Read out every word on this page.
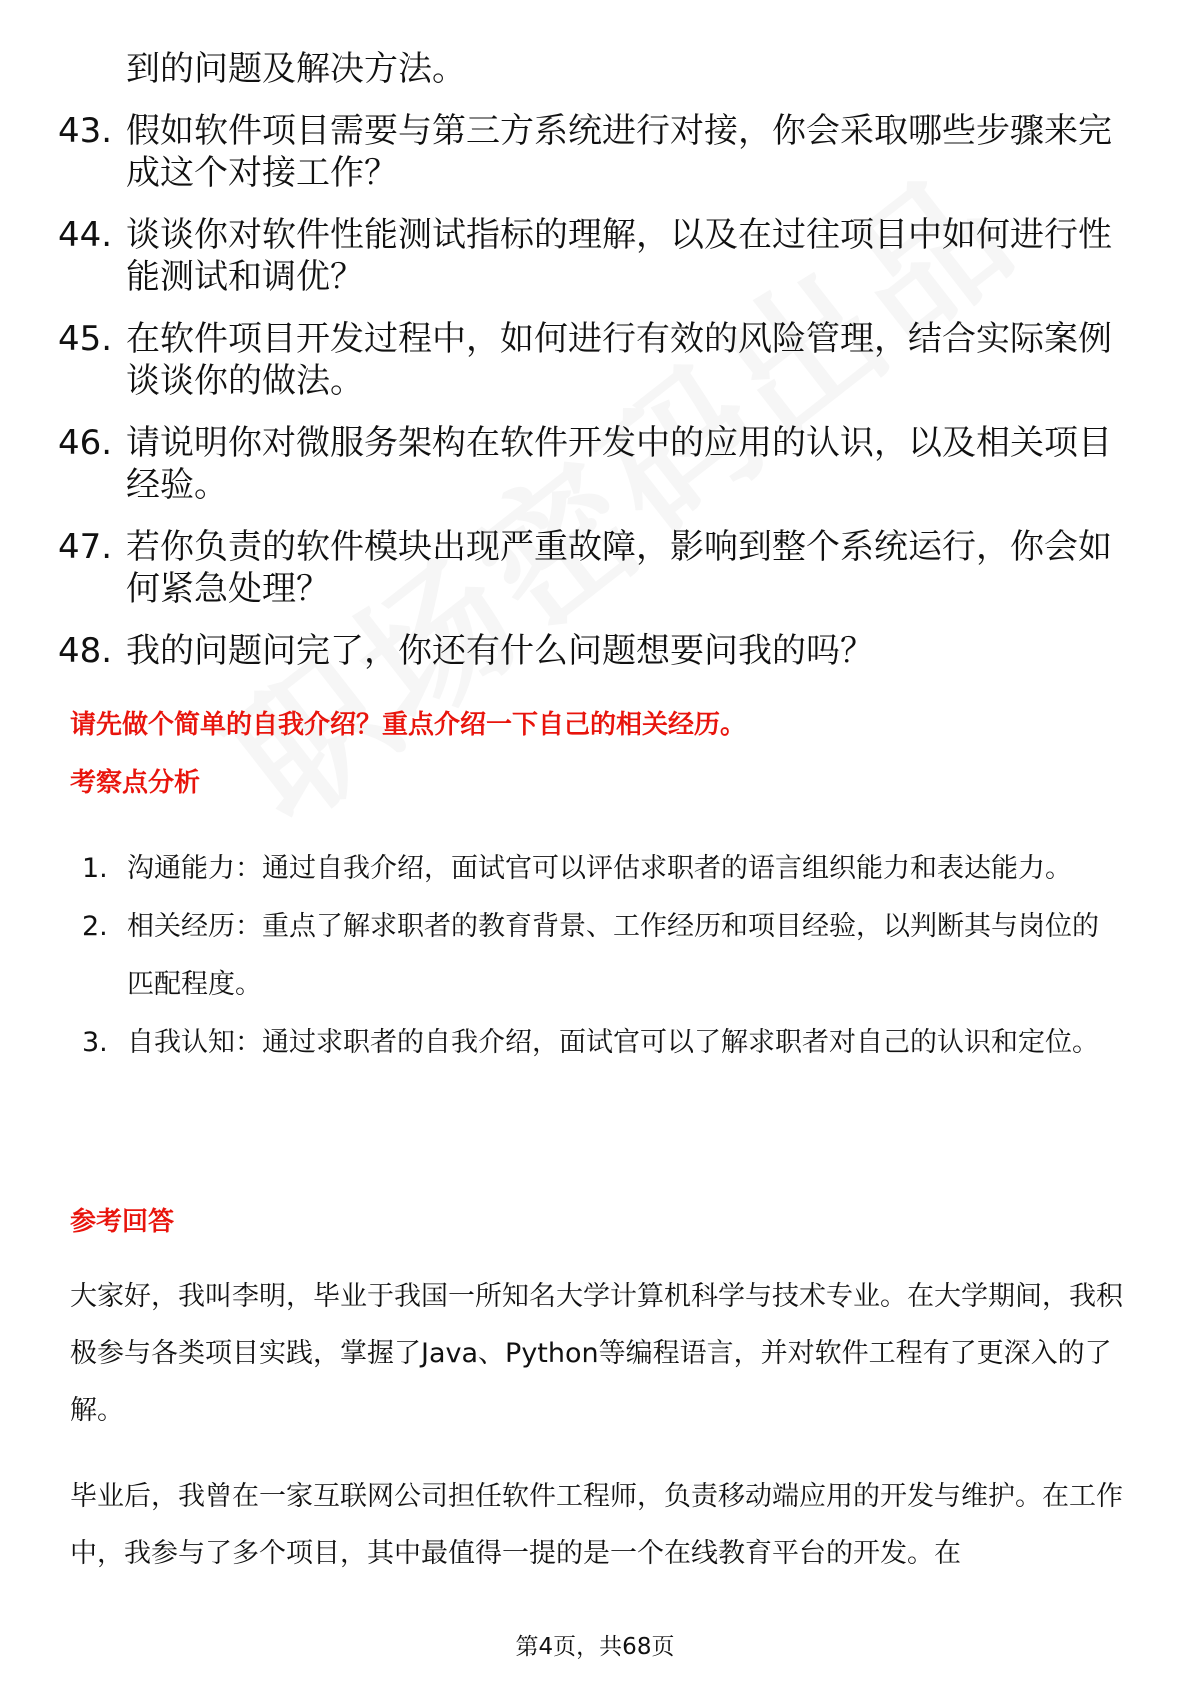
到的问题及解决方法。
43. 假如软件项目需要与第三方系统进行对接，你会采取哪些步骤来完成这个对接工作？
44. 谈谈你对软件性能测试指标的理解，以及在过往项目中如何进行性能测试和调优？
45. 在软件项目开发过程中，如何进行有效的风险管理，结合实际案例谈谈你的做法。
46. 请说明你对微服务架构在软件开发中的应用的认识，以及相关项目经验。
47. 若你负责的软件模块出现严重故障，影响到整个系统运行，你会如何紧急处理？
48. 我的问题问完了，你还有什么问题想要问我的吗？
请先做个简单的自我介绍？重点介绍一下自己的相关经历。
考察点分析
1. 沟通能力：通过自我介绍，面试官可以评估求职者的语言组织能力和表达能力。
2. 相关经历：重点了解求职者的教育背景、工作经历和项目经验，以判断其与岗位的匹配程度。
3. 自我认知：通过求职者的自我介绍，面试官可以了解求职者对自己的认识和定位。
参考回答

大家好，我叫李明，毕业于我国一所知名大学计算机科学与技术专业。在大学期间，我积极参与各类项目实践，掌握了Java、Python等编程语言，并对软件工程有了更深入的了解。

毕业后，我曾在一家互联网公司担任软件工程师，负责移动端应用的开发与维护。在工作中，我参与了多个项目，其中最值得一提的是一个在线教育平台的开发。在

第4页，共68页
